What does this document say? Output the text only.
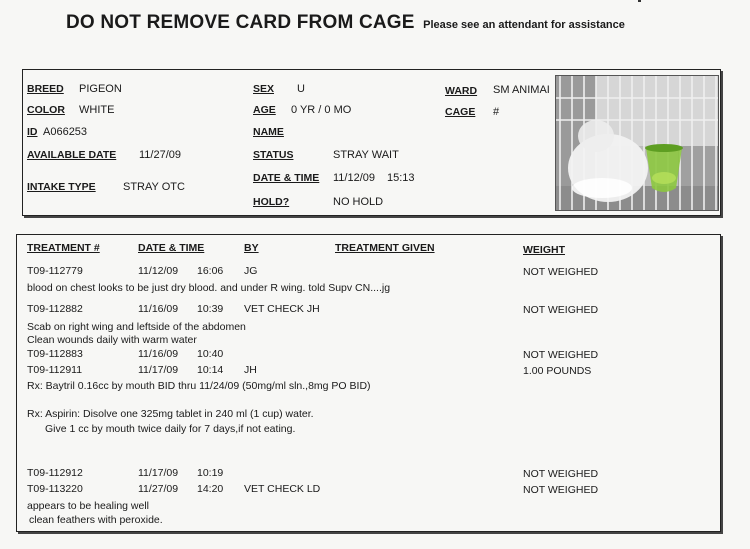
DO NOT REMOVE CARD FROM CAGE Please see an attendant for assistance
BREED PIGEON
COLOR WHITE
ID A066253
AVAILABLE DATE 11/27/09
INTAKE TYPE STRAY OTC
SEX U
AGE 0 YR / 0 MO
NAME
STATUS	STRAY WAIT
DATE & TIME 11/12/09 15:13
HOLD?	NO HOLD
WARD SM ANIMAI
CAGE #
TREATMENT #	DATE & TIME	BY	TREATMENT GIVEN	WEIGHT
T09-112779	11/12/09 16:06 JG	NOT WEIGHED
blood on chest looks to be just dry blood. and under R wing. told Supv CN....jg
T09-112882	11/16/09 10:39 VET CHECK JH	NOT WEIGHED
Scab on right wing and leftside of the abdomen
Clean wounds daily with warm water
T09-112883	11/16/09 10:40	NOT WEIGHED
T09-112911	11/17/09 10:14 JH	1.00 POUNDS
Rx: Baytril 0.16cc by mouth BID thru 11/24/09 (50mg/ml sln.,8mg PO BID)
Rx: Aspirin: Disolve one 325mg tablet in 240 ml (1 cup) water.
Give 1 cc by mouth twice daily for 7 days,if not eating.
T09-112912	11/17/09 10:19	NOT WEIGHED
T09-113220	11/27/09 14:20 VET CHECK LD	NOT WEIGHED
appears to be healing well
clean feathers with peroxide.
